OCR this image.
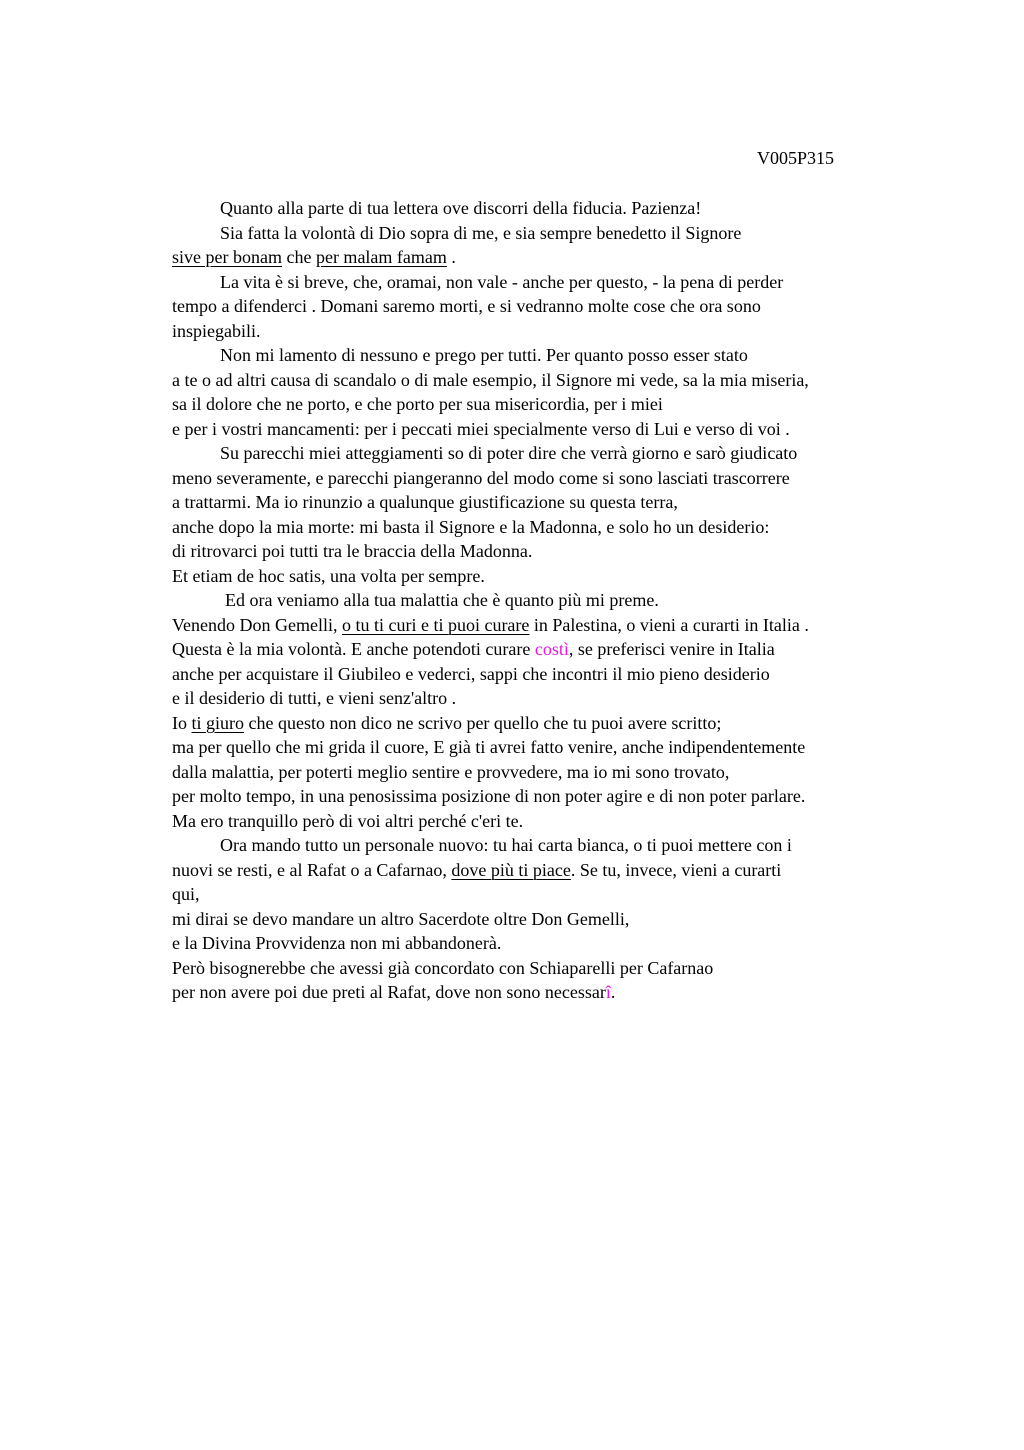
V005P315
Quanto alla parte di tua lettera ove discorri della fiducia. Pazienza!
Sia fatta la volontà di Dio sopra di me, e sia sempre benedetto il Signore
sive per bonam che per malam famam .
La vita è si breve, che, oramai, non vale - anche per questo, - la pena di perder
tempo a difenderci . Domani saremo morti, e si vedranno molte cose che ora sono
inspiegabili.
Non mi lamento di nessuno e prego per tutti. Per quanto posso esser stato
a te o ad altri causa di scandalo o di male esempio, il Signore mi vede, sa la mia miseria,
sa il dolore che ne porto, e che porto per sua misericordia, per i miei
e per i vostri mancamenti: per i peccati miei specialmente verso di Lui e verso di voi .
Su parecchi miei atteggiamenti so di poter dire che verrà giorno e sarò giudicato
meno severamente, e parecchi piangeranno del modo come si sono lasciati trascorrere
a trattarmi. Ma io rinunzio a qualunque giustificazione su questa terra,
anche dopo la mia morte: mi basta il Signore e la Madonna, e solo ho un desiderio:
di ritrovarci poi tutti tra le braccia della Madonna.
Et etiam de hoc satis, una volta per sempre.
Ed ora veniamo alla tua malattia che è quanto più mi preme.
Venendo Don Gemelli, o tu ti curi e ti puoi curare in Palestina, o vieni a curarti in Italia .
Questa è la mia volontà. E anche potendoti curare costì, se preferisci venire in Italia
anche per acquistare il Giubileo e vederci, sappi che incontri il mio pieno desiderio
e il desiderio di tutti, e vieni senz'altro .
Io ti giuro che questo non dico ne scrivo per quello che tu puoi avere scritto;
ma per quello che mi grida il cuore, E già ti avrei fatto venire, anche indipendentemente
dalla malattia, per poterti meglio sentire e provvedere, ma io mi sono trovato,
per molto tempo, in una penosissima posizione di non poter agire e di non poter parlare.
Ma ero tranquillo però di voi altri perché c'eri te.
Ora mando tutto un personale nuovo: tu hai carta bianca, o ti puoi mettere con i
nuovi se resti, e al Rafat o a Cafarnao, dove più ti piace. Se tu, invece, vieni a curarti
qui,
mi dirai se devo mandare un altro Sacerdote oltre Don Gemelli,
e la Divina Provvidenza non mi abbandonerà.
Però bisognerebbe che avessi già concordato con Schiaparelli per Cafarnao
per non avere poi due preti al Rafat, dove non sono necessarî.
